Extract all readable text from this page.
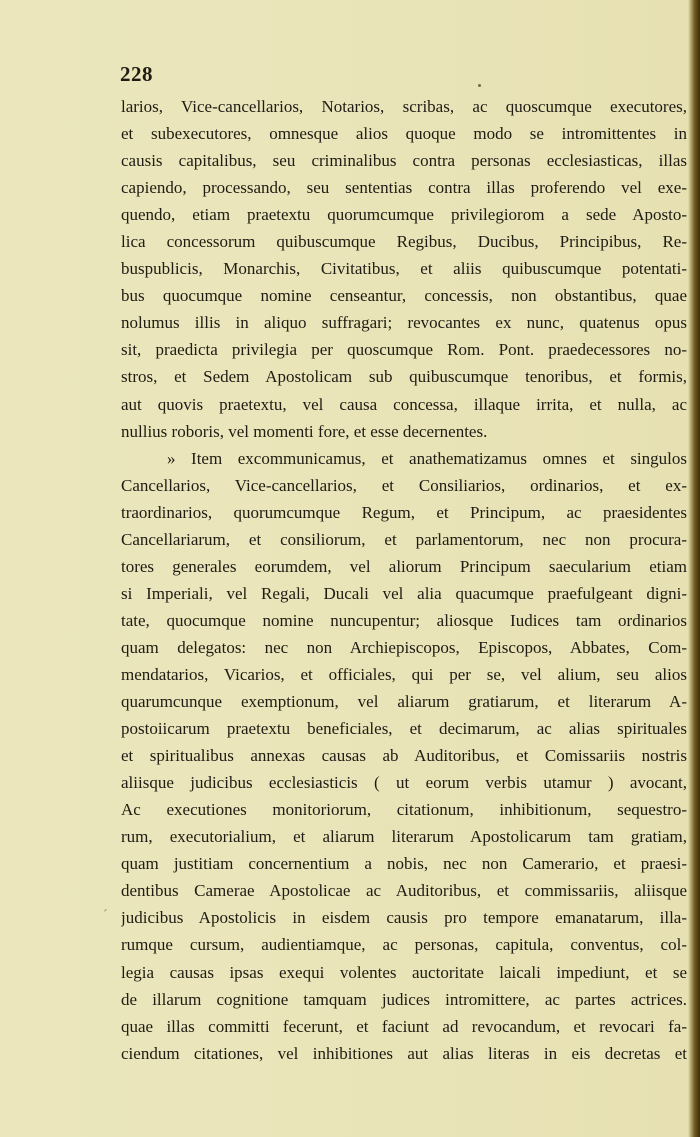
228
ˊ
larios, Vice-cancellarios, Notarios, scribas, ac quoscumque executores,
et subexecutores, omnesque alios quoque modo se intromittentes in
causis capitalibus, seu criminalibus contra personas ecclesiasticas, illas
capiendo, processando, seu sententias contra illas proferendo vel exe-
quendo, etiam praetextu quorumcumque privilegiorom a sede Aposto-
lica concessorum quibuscumque Regibus, Ducibus, Principibus, Re-
buspublicis, Monarchis, Civitatibus, et aliis quibuscumque potentati-
bus quocumque nomine censeantur, concessis, non obstantibus, quae
nolumus illis in aliquo suffragari; revocantes ex nunc, quatenus opus
sit, praedicta privilegia per quoscumque Rom. Pont. praedecessores no-
stros, et Sedem Apostolicam sub quibuscumque tenoribus, et formis,
aut quovis praetextu, vel causa concessa, illaque irrita, et nulla, ac
nullius roboris, vel momenti fore, et esse decernentes.
» Item excommunicamus, et anathematizamus omnes et singulos
Cancellarios, Vice-cancellarios, et Consiliarios, ordinarios, et ex-
traordinarios, quorumcumque Regum, et Principum, ac praesidentes
Cancellariarum, et consiliorum, et parlamentorum, nec non procura-
tores generales eorumdem, vel aliorum Principum saecularium etiam
si Imperiali, vel Regali, Ducali vel alia quacumque praefulgeant digni-
tate, quocumque nomine nuncupentur; aliosque Iudices tam ordinarios
quam delegatos: nec non Archiepiscopos, Episcopos, Abbates, Com-
mendatarios, Vicarios, et officiales, qui per se, vel alium, seu alios
quarumcunque exemptionum, vel aliarum gratiarum, et literarum A-
postoiicarum praetextu beneficiales, et decimarum, ac alias spirituales
et spiritualibus annexas causas ab Auditoribus, et Comissariis nostris
aliisque judicibus ecclesiasticis ( ut eorum verbis utamur ) avocant,
Ac executiones monitoriorum, citationum, inhibitionum, sequestro-
rum, executorialium, et aliarum literarum Apostolicarum tam gratiam,
quam justitiam concernentium a nobis, nec non Camerario, et praesi-
dentibus Camerae Apostolicae ac Auditoribus, et commissariis, aliisque
judicibus Apostolicis in eisdem causis pro tempore emanatarum, illa-
rumque cursum, audientiamque, ac personas, capitula, conventus, col-
legia causas ipsas exequi volentes auctoritate laicali impediunt, et se
de illarum cognitione tamquam judices intromittere, ac partes actrices.
quae illas committi fecerunt, et faciunt ad revocandum, et revocari fa-
ciendum citationes, vel inhibitiones aut alias literas in eis decretas et
